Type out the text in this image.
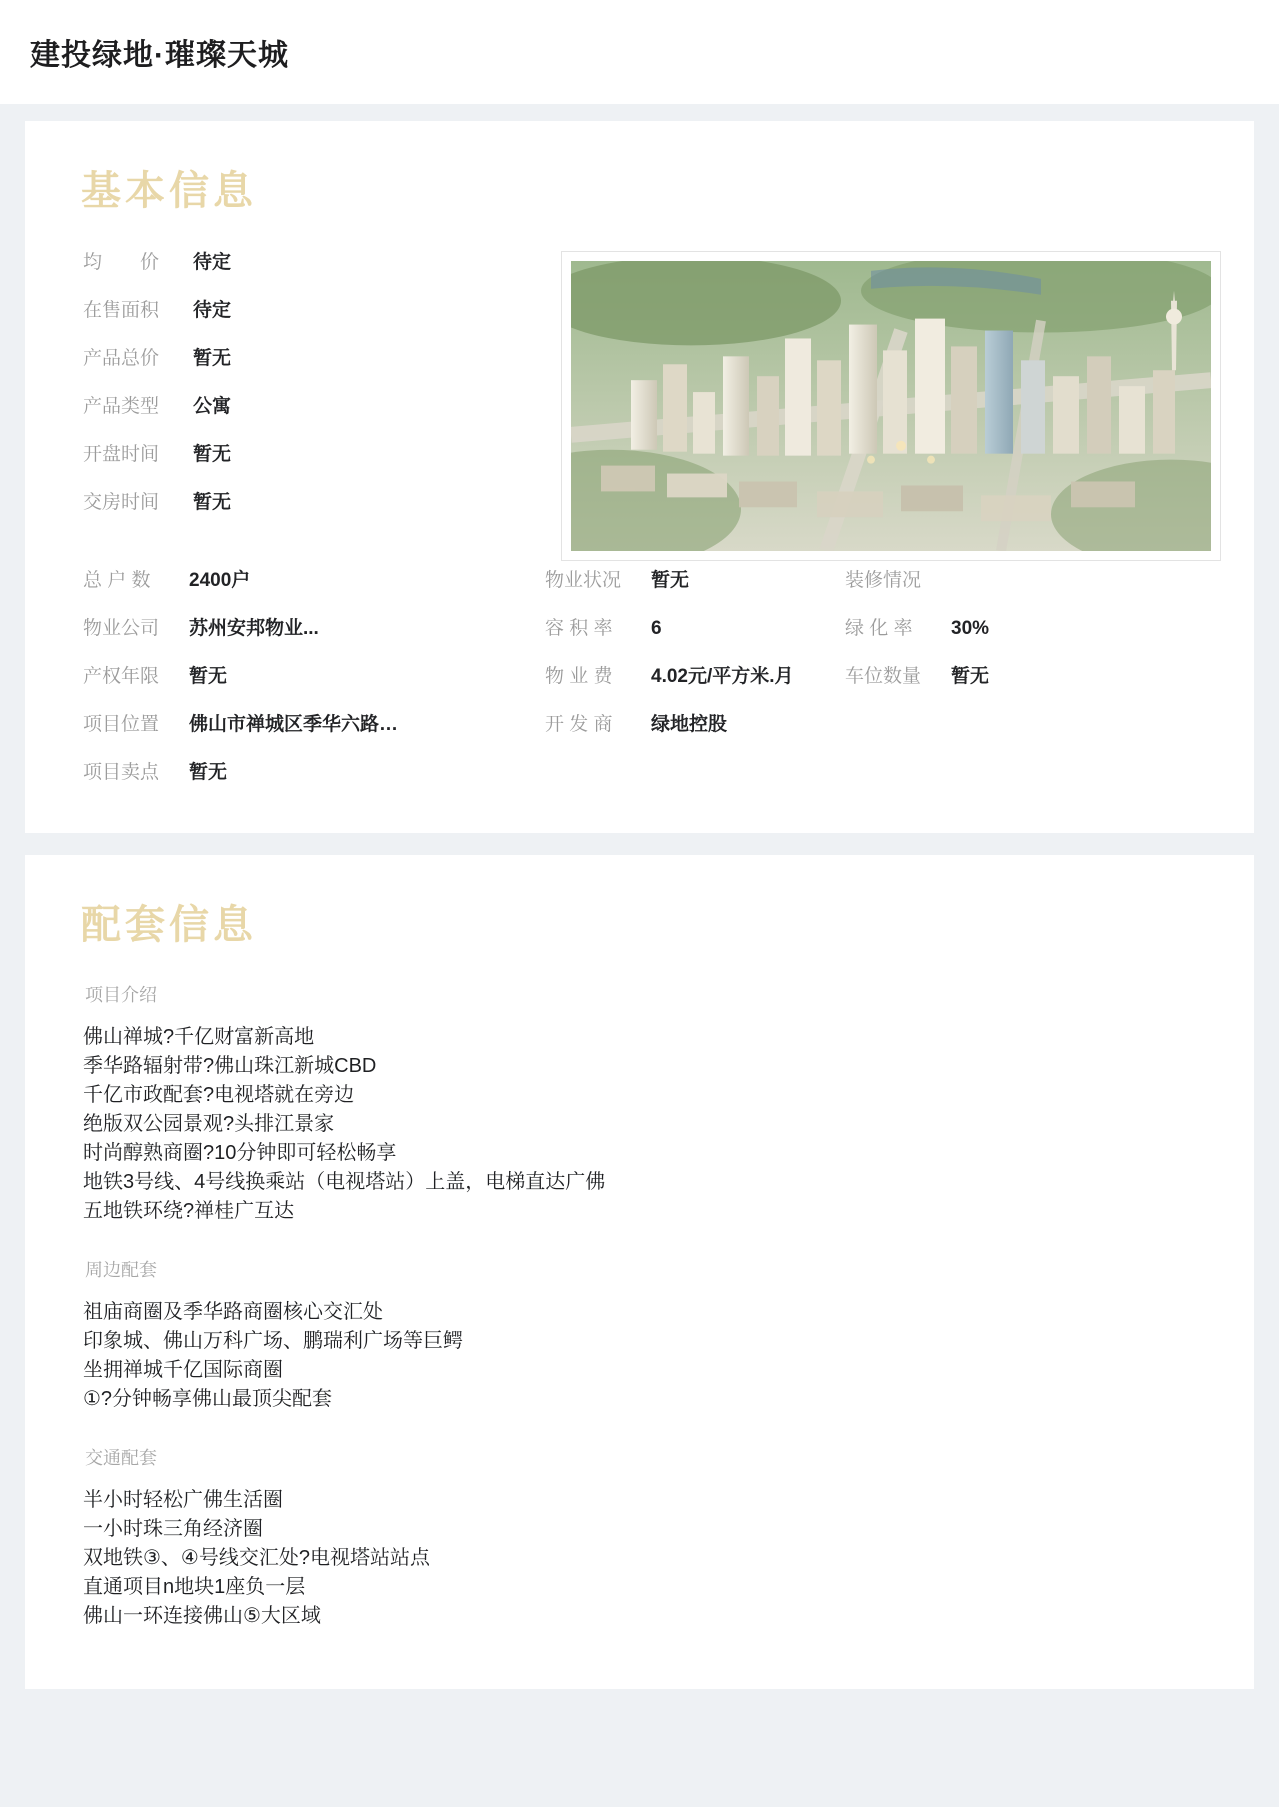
建投绿地·璀璨天城
基本信息
均　　价	待定
在售面积	待定
产品总价	暂无
产品类型	公寓
开盘时间	暂无
交房时间	暂无
总 户 数	2400户
物业公司	苏州安邦物业...
产权年限	暂无
项目位置	佛山市禅城区季华六路…
项目卖点	暂无
物业状况	暂无
容 积 率	6
物 业 费	4.02元/平方米.月
开 发 商	绿地控股
装修情况
绿 化 率	30%
车位数量	暂无
配套信息
项目介绍
佛山禅城?千亿财富新高地
季华路辐射带?佛山珠江新城CBD
千亿市政配套?电视塔就在旁边
绝版双公园景观?头排江景家
时尚醇熟商圈?10分钟即可轻松畅享
地铁3号线、4号线换乘站（电视塔站）上盖，电梯直达广佛
五地铁环绕?禅桂广互达
周边配套
祖庙商圈及季华路商圈核心交汇处
印象城、佛山万科广场、鹏瑞利广场等巨鳄
坐拥禅城千亿国际商圈
①?分钟畅享佛山最顶尖配套
交通配套
半小时轻松广佛生活圈
一小时珠三角经济圈
双地铁③、④号线交汇处?电视塔站站点
直通项目n地块1座负一层
佛山一环连接佛山⑤大区域
